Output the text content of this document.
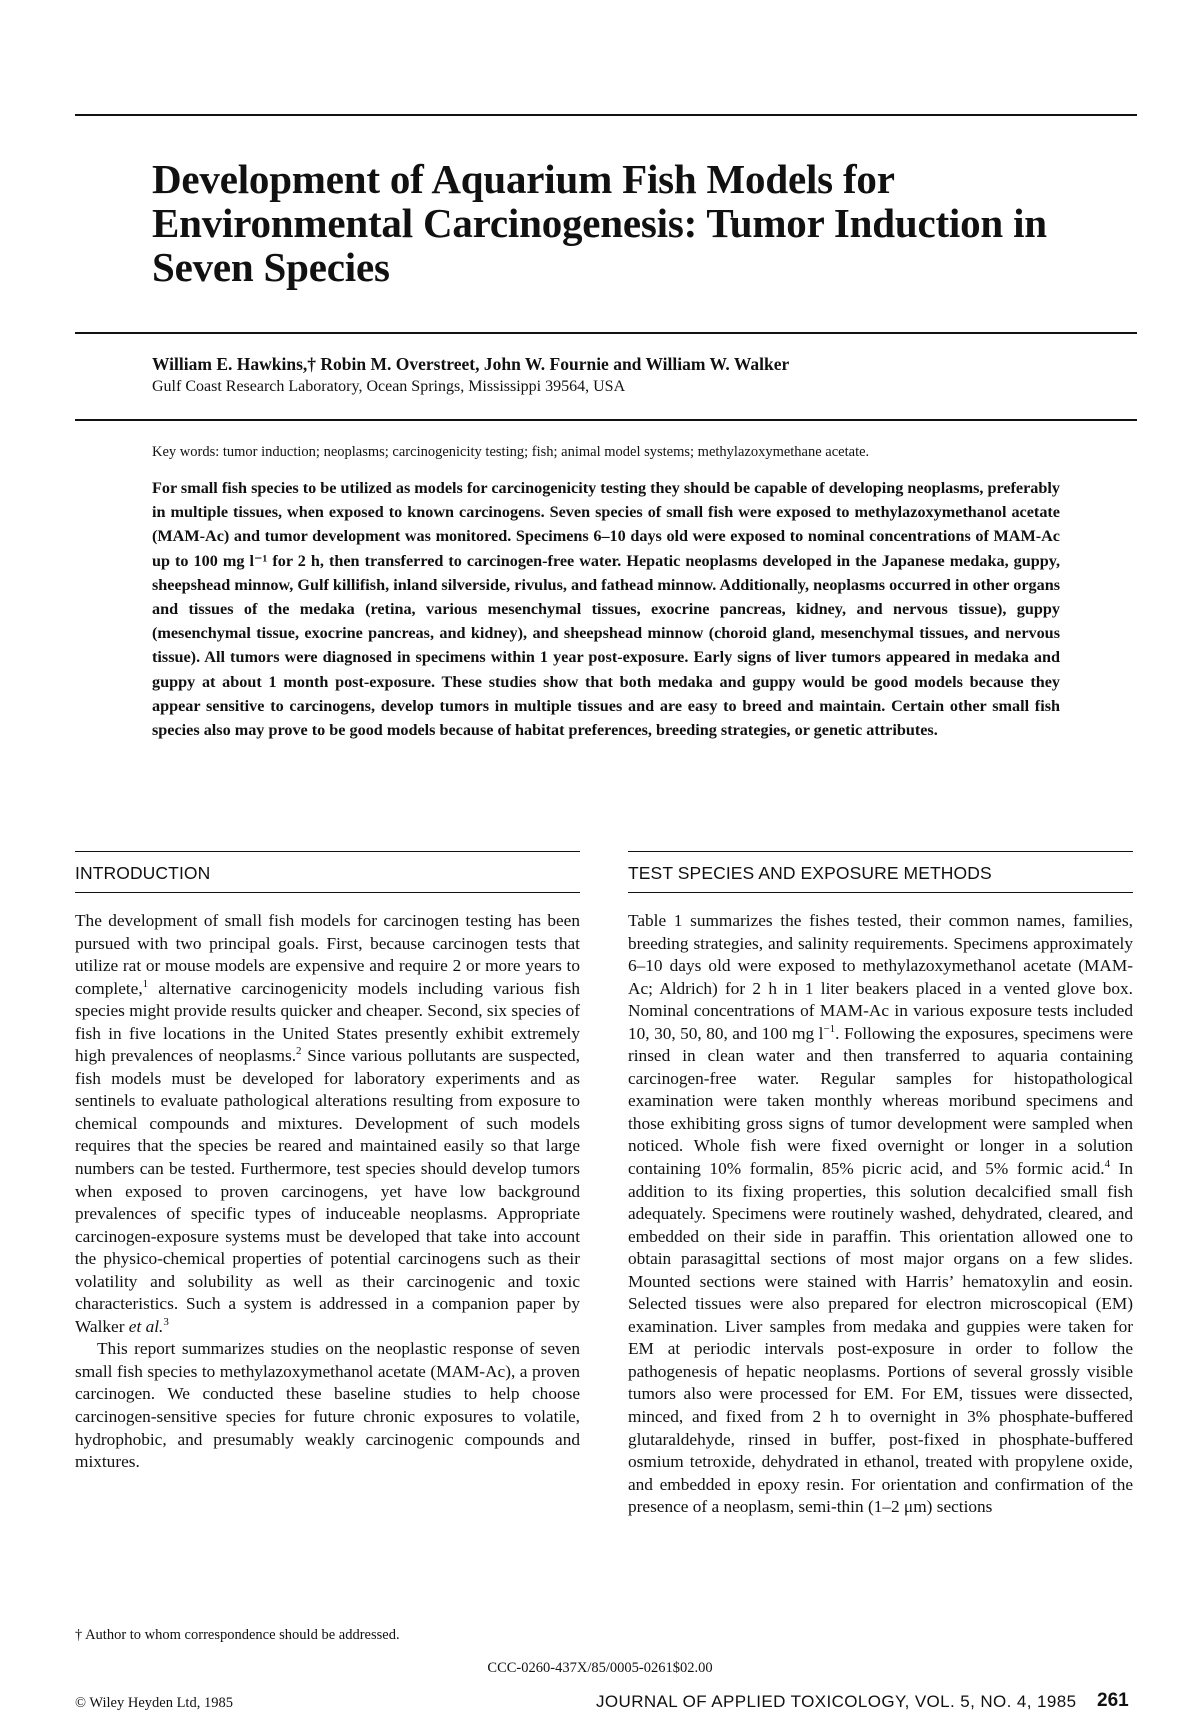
Development of Aquarium Fish Models for Environmental Carcinogenesis: Tumor Induction in Seven Species
William E. Hawkins,† Robin M. Overstreet, John W. Fournie and William W. Walker
Gulf Coast Research Laboratory, Ocean Springs, Mississippi 39564, USA
Key words: tumor induction; neoplasms; carcinogenicity testing; fish; animal model systems; methylazoxymethane acetate.

For small fish species to be utilized as models for carcinogenicity testing they should be capable of developing neoplasms, preferably in multiple tissues, when exposed to known carcinogens. Seven species of small fish were exposed to methylazoxymethanol acetate (MAM-Ac) and tumor development was monitored. Specimens 6–10 days old were exposed to nominal concentrations of MAM-Ac up to 100 mg l⁻¹ for 2 h, then transferred to carcinogen-free water. Hepatic neoplasms developed in the Japanese medaka, guppy, sheepshead minnow, Gulf killifish, inland silverside, rivulus, and fathead minnow. Additionally, neoplasms occurred in other organs and tissues of the medaka (retina, various mesenchymal tissues, exocrine pancreas, kidney, and nervous tissue), guppy (mesenchymal tissue, exocrine pancreas, and kidney), and sheepshead minnow (choroid gland, mesenchymal tissues, and nervous tissue). All tumors were diagnosed in specimens within 1 year post-exposure. Early signs of liver tumors appeared in medaka and guppy at about 1 month post-exposure. These studies show that both medaka and guppy would be good models because they appear sensitive to carcinogens, develop tumors in multiple tissues and are easy to breed and maintain. Certain other small fish species also may prove to be good models because of habitat preferences, breeding strategies, or genetic attributes.

INTRODUCTION	TEST SPECIES AND EXPOSURE METHODS

The development of small fish models for carcinogen testing has been pursued with two principal goals. First, because carcinogen tests that utilize rat or mouse models are expensive and require 2 or more years to complete,$^1$ alternative carcinogenicity models including various fish species might provide results quicker and cheaper. Second, six species of fish in five locations in the United States presently exhibit extremely high prevalences of neoplasms.$^2$ Since various pollutants are suspected, fish models must be developed for laboratory experiments and as sentinels to evaluate pathological alterations resulting from exposure to chemical compounds and mixtures. Development of such models requires that the species be reared and maintained easily so that large numbers can be tested. Furthermore, test species should develop tumors when exposed to proven carcinogens, yet have low background prevalences of specific types of induceable neoplasms. Appropriate carcinogen-exposure systems must be developed that take into account the physico-chemical properties of potential carcinogens such as their volatility and solubility as well as their carcinogenic and toxic characteristics. Such a system is addressed in a companion paper by Walker et al.$^3$

This report summarizes studies on the neoplastic response of seven small fish species to methylazoxymethanol acetate (MAM-Ac), a proven carcinogen. We conducted these baseline studies to help choose carcinogen-sensitive species for future chronic exposures to volatile, hydrophobic, and presumably weakly carcinogenic compounds and mixtures.

Table 1 summarizes the fishes tested, their common names, families, breeding strategies, and salinity requirements. Specimens approximately 6–10 days old were exposed to methylazoxymethanol acetate (MAM-Ac; Aldrich) for 2 h in 1 liter beakers placed in a vented glove box. Nominal concentrations of MAM-Ac in various exposure tests included 10, 30, 50, 80, and 100 mg $l^{-1}$. Following the exposures, specimens were rinsed in clean water and then transferred to aquaria containing carcinogen-free water. Regular samples for histopathological examination were taken monthly whereas moribund specimens and those exhibiting gross signs of tumor development were sampled when noticed. Whole fish were fixed overnight or longer in a solution containing 10% formalin, 85% picric acid, and 5% formic acid.$^4$ In addition to its fixing properties, this solution decalcified small fish adequately. Specimens were routinely washed, dehydrated, cleared, and embedded on their side in paraffin. This orientation allowed one to obtain parasagittal sections of most major organs on a few slides. Mounted sections were stained with Harris’ hematoxylin and eosin. Selected tissues were also prepared for electron microscopical (EM) examination. Liver samples from medaka and guppies were taken for EM at periodic intervals post-exposure in order to follow the pathogenesis of hepatic neoplasms. Portions of several grossly visible tumors also were processed for EM. For EM, tissues were dissected, minced, and fixed from 2 h to overnight in 3% phosphate-buffered glutaraldehyde, rinsed in buffer, post-fixed in phosphate-buffered osmium tetroxide, dehydrated in ethanol, treated with propylene oxide, and embedded in epoxy resin. For orientation and confirmation of the presence of a neoplasm, semi-thin (1–2 μm) sections

† Author to whom correspondence should be addressed.
CCC-0260-437X/85/0005-0261$02.00
© Wiley Heyden Ltd, 1985	JOURNAL OF APPLIED TOXICOLOGY, VOL. 5, NO. 4, 1985 261
